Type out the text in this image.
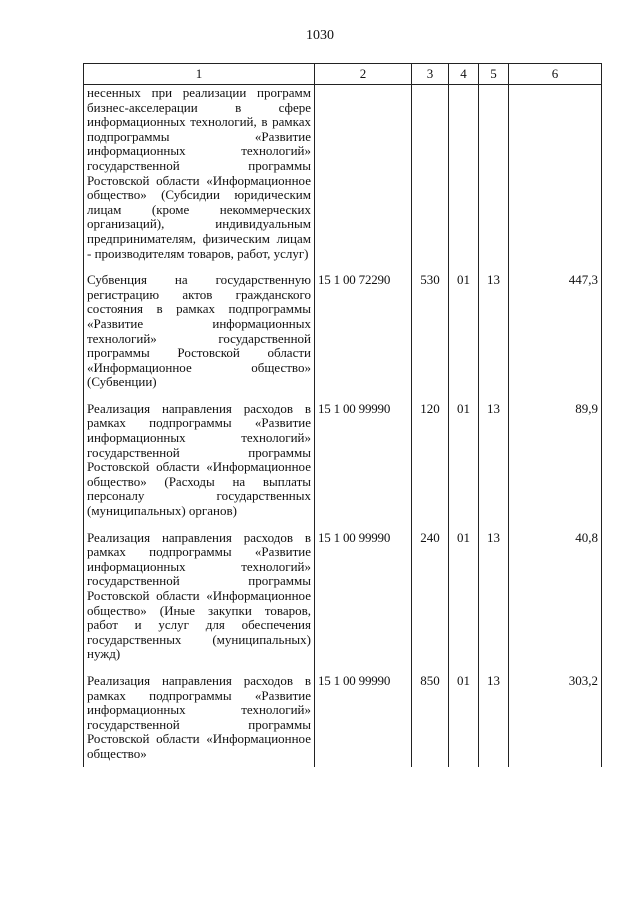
1030
1	2	3	4	5	6
несенных при реализации программ бизнес-акселерации в сфере информационных технологий, в рамках подпрограммы «Развитие информационных технологий» государственной программы Ростовской области «Информационное общество» (Субсидии юридическим лицам (кроме некоммерческих организаций), индивидуальным предпринимателям, физическим лицам - производителям товаров, работ, услуг)					
Субвенция на государственную регистрацию актов гражданского состояния в рамках подпрограммы «Развитие информационных технологий» государственной программы Ростовской области «Информационное общество» (Субвенции)	15 1 00 72290	530	01	13	447,3
Реализация направления расходов в рамках подпрограммы «Развитие информационных технологий» государственной программы Ростовской области «Информационное общество» (Расходы на выплаты персоналу государственных (муниципальных) органов)	15 1 00 99990	120	01	13	89,9
Реализация направления расходов в рамках подпрограммы «Развитие информационных технологий» государственной программы Ростовской области «Информационное общество» (Иные закупки товаров, работ и услуг для обеспечения государственных (муниципальных) нужд)	15 1 00 99990	240	01	13	40,8
Реализация направления расходов в рамках подпрограммы «Развитие информационных технологий» государственной программы Ростовской области «Информационное общество»	15 1 00 99990	850	01	13	303,2
